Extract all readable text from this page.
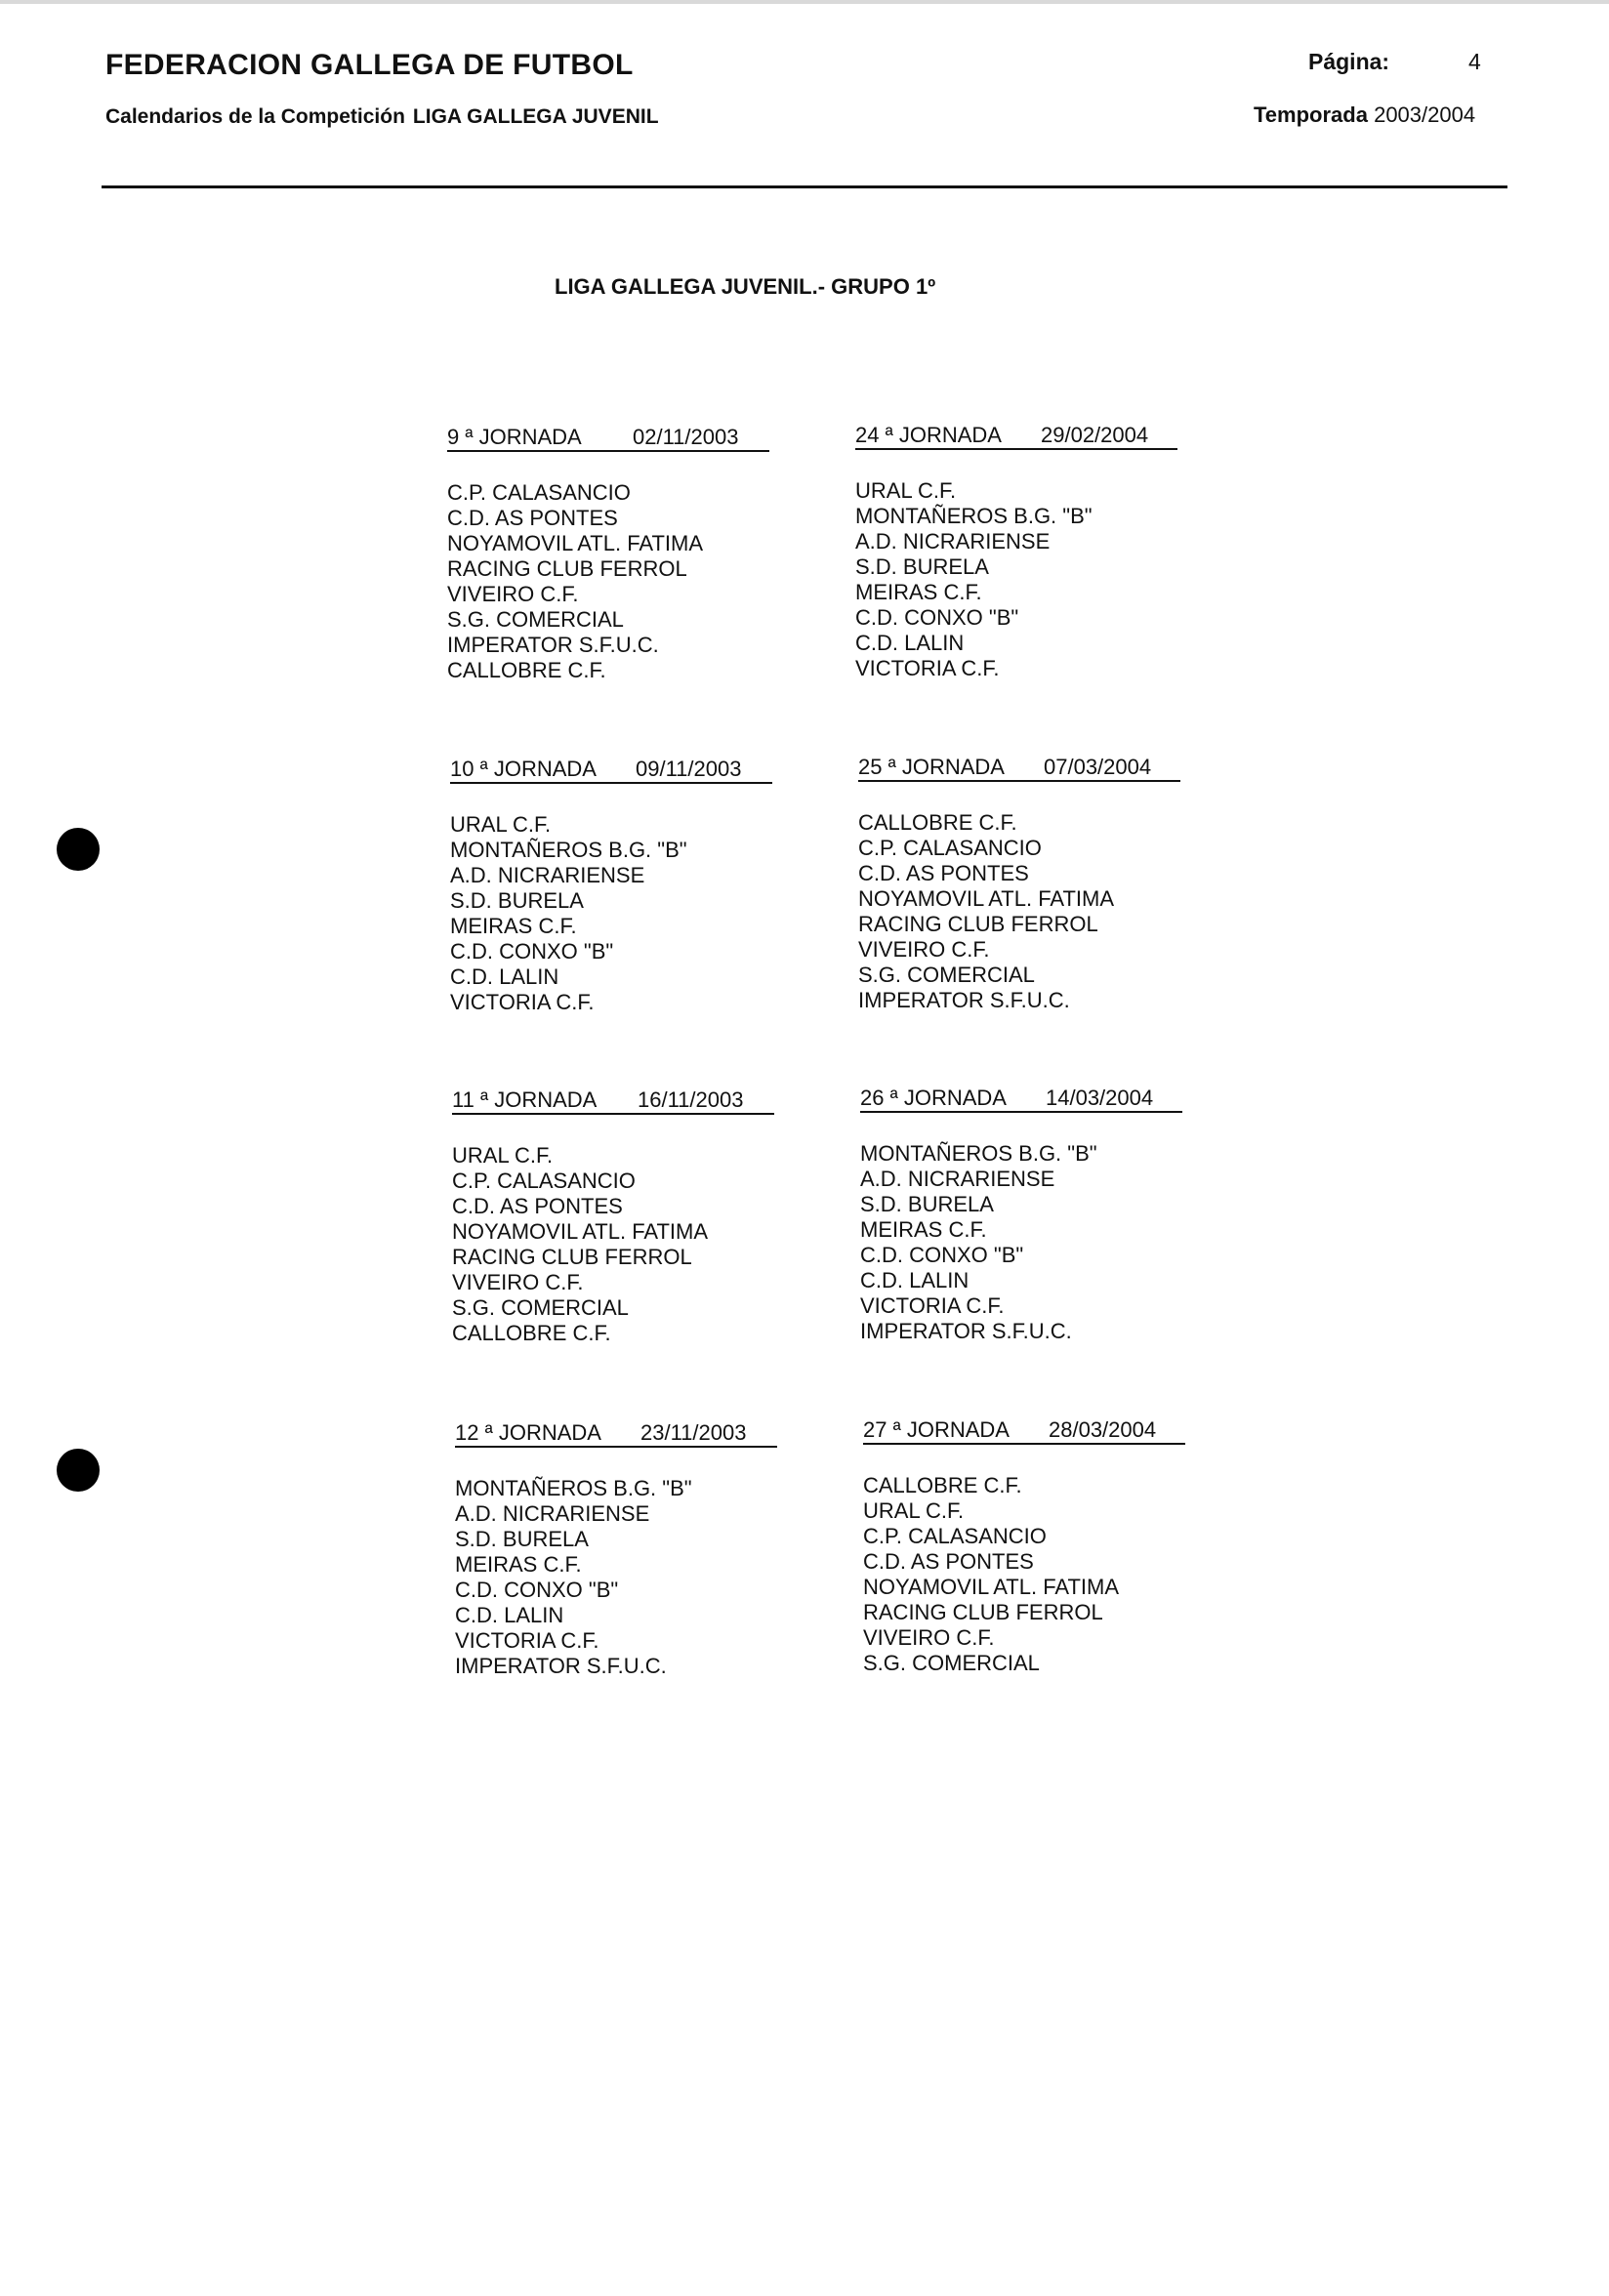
FEDERACION GALLEGA DE FUTBOL
Calendarios de la Competición LIGA GALLEGA JUVENIL
Página:	4
Temporada 2003/2004
LIGA GALLEGA JUVENIL.- GRUPO 1º
9 ª JORNADA 02/11/2003
C.P. CALASANCIO
C.D. AS PONTES
NOYAMOVIL ATL. FATIMA
RACING CLUB FERROL
VIVEIRO C.F.
S.G. COMERCIAL
IMPERATOR S.F.U.C.
CALLOBRE C.F.
24 ª JORNADA 29/02/2004
URAL C.F.
MONTAÑEROS B.G. "B"
A.D. NICRARIENSE
S.D. BURELA
MEIRAS C.F.
C.D. CONXO "B"
C.D. LALIN
VICTORIA C.F.
10 ª JORNADA 09/11/2003
URAL C.F.
MONTAÑEROS B.G. "B"
A.D. NICRARIENSE
S.D. BURELA
MEIRAS C.F.
C.D. CONXO "B"
C.D. LALIN
VICTORIA C.F.
25 ª JORNADA 07/03/2004
CALLOBRE C.F.
C.P. CALASANCIO
C.D. AS PONTES
NOYAMOVIL ATL. FATIMA
RACING CLUB FERROL
VIVEIRO C.F.
S.G. COMERCIAL
IMPERATOR S.F.U.C.
11 ª JORNADA 16/11/2003
URAL C.F.
C.P. CALASANCIO
C.D. AS PONTES
NOYAMOVIL ATL. FATIMA
RACING CLUB FERROL
VIVEIRO C.F.
S.G. COMERCIAL
CALLOBRE C.F.
26 ª JORNADA 14/03/2004
MONTAÑEROS B.G. "B"
A.D. NICRARIENSE
S.D. BURELA
MEIRAS C.F.
C.D. CONXO "B"
C.D. LALIN
VICTORIA C.F.
IMPERATOR S.F.U.C.
12 ª JORNADA 23/11/2003
MONTAÑEROS B.G. "B"
A.D. NICRARIENSE
S.D. BURELA
MEIRAS C.F.
C.D. CONXO "B"
C.D. LALIN
VICTORIA C.F.
IMPERATOR S.F.U.C.
27 ª JORNADA 28/03/2004
CALLOBRE C.F.
URAL C.F.
C.P. CALASANCIO
C.D. AS PONTES
NOYAMOVIL ATL. FATIMA
RACING CLUB FERROL
VIVEIRO C.F.
S.G. COMERCIAL
